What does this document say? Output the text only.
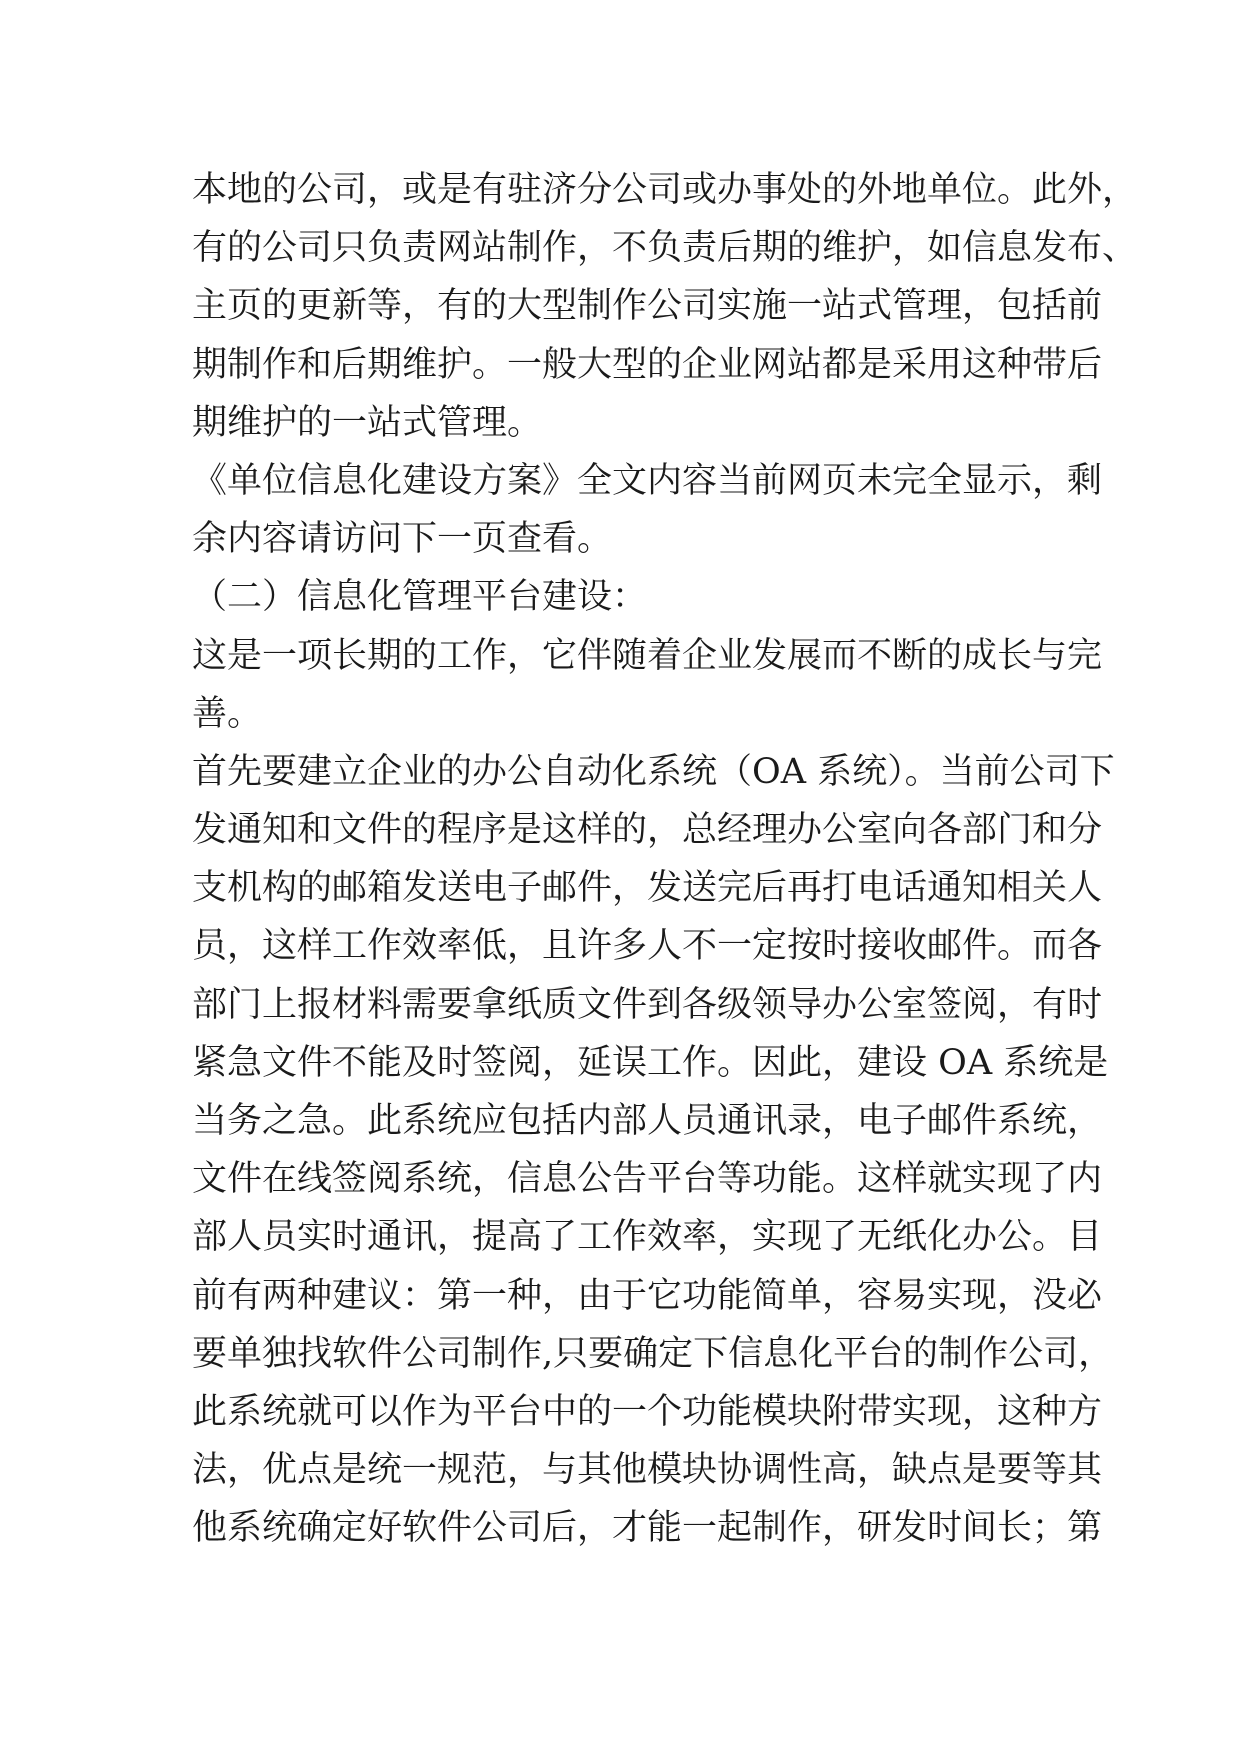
本地的公司，或是有驻济分公司或办事处的外地单位。此外，
有的公司只负责网站制作，不负责后期的维护，如信息发布、
主页的更新等，有的大型制作公司实施一站式管理，包括前
期制作和后期维护。一般大型的企业网站都是采用这种带后
期维护的一站式管理。
《单位信息化建设方案》全文内容当前网页未完全显示，剩
余内容请访问下一页查看。
（二）信息化管理平台建设：
这是一项长期的工作，它伴随着企业发展而不断的成长与完
善。
首先要建立企业的办公自动化系统（OA 系统）。当前公司下
发通知和文件的程序是这样的，总经理办公室向各部门和分
支机构的邮箱发送电子邮件，发送完后再打电话通知相关人
员，这样工作效率低，且许多人不一定按时接收邮件。而各
部门上报材料需要拿纸质文件到各级领导办公室签阅，有时
紧急文件不能及时签阅，延误工作。因此，建设 OA 系统是
当务之急。此系统应包括内部人员通讯录，电子邮件系统，
文件在线签阅系统，信息公告平台等功能。这样就实现了内
部人员实时通讯，提高了工作效率，实现了无纸化办公。目
前有两种建议：第一种，由于它功能简单，容易实现，没必
要单独找软件公司制作,只要确定下信息化平台的制作公司，
此系统就可以作为平台中的一个功能模块附带实现，这种方
法，优点是统一规范，与其他模块协调性高，缺点是要等其
他系统确定好软件公司后，才能一起制作，研发时间长；第
